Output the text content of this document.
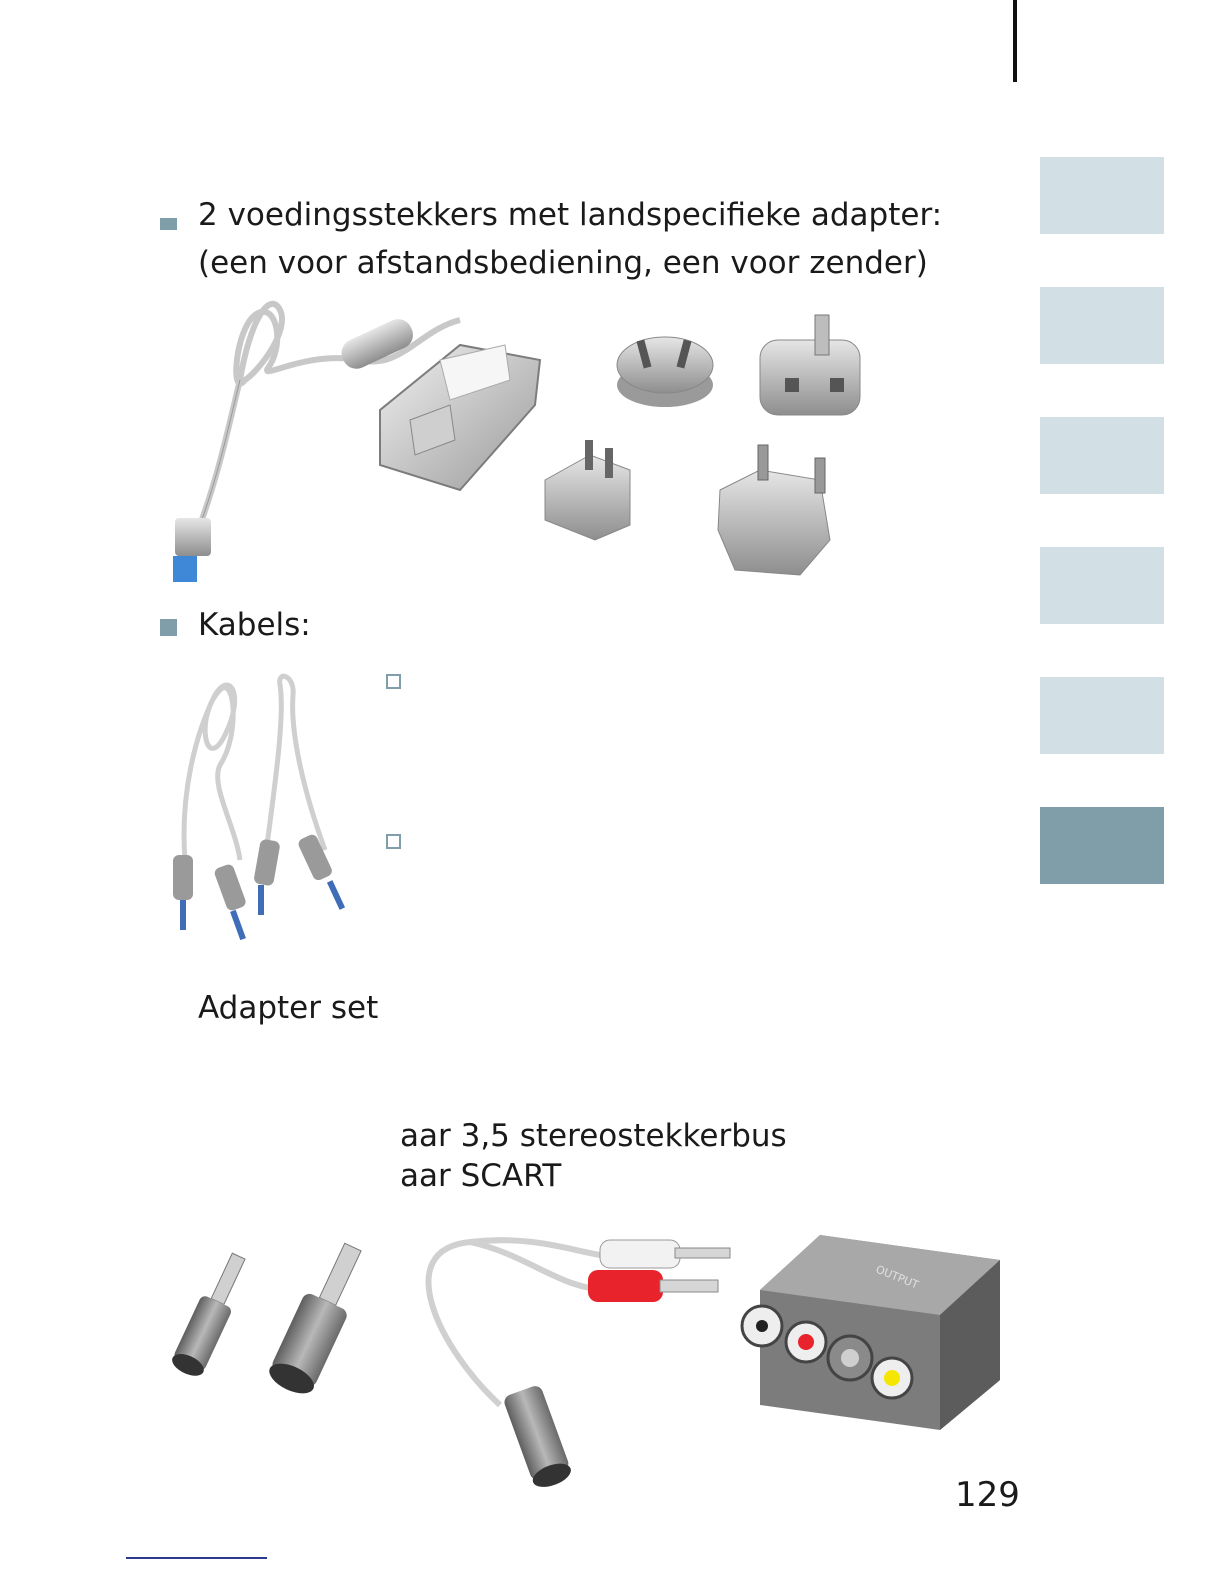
2 voedingsstekkers met landspecifieke adapter:
(een voor afstandsbediening, een voor zender)
Kabels:
Adapter set
aar 3,5 stereostekkerbus
aar SCART
OUTPUT
129
